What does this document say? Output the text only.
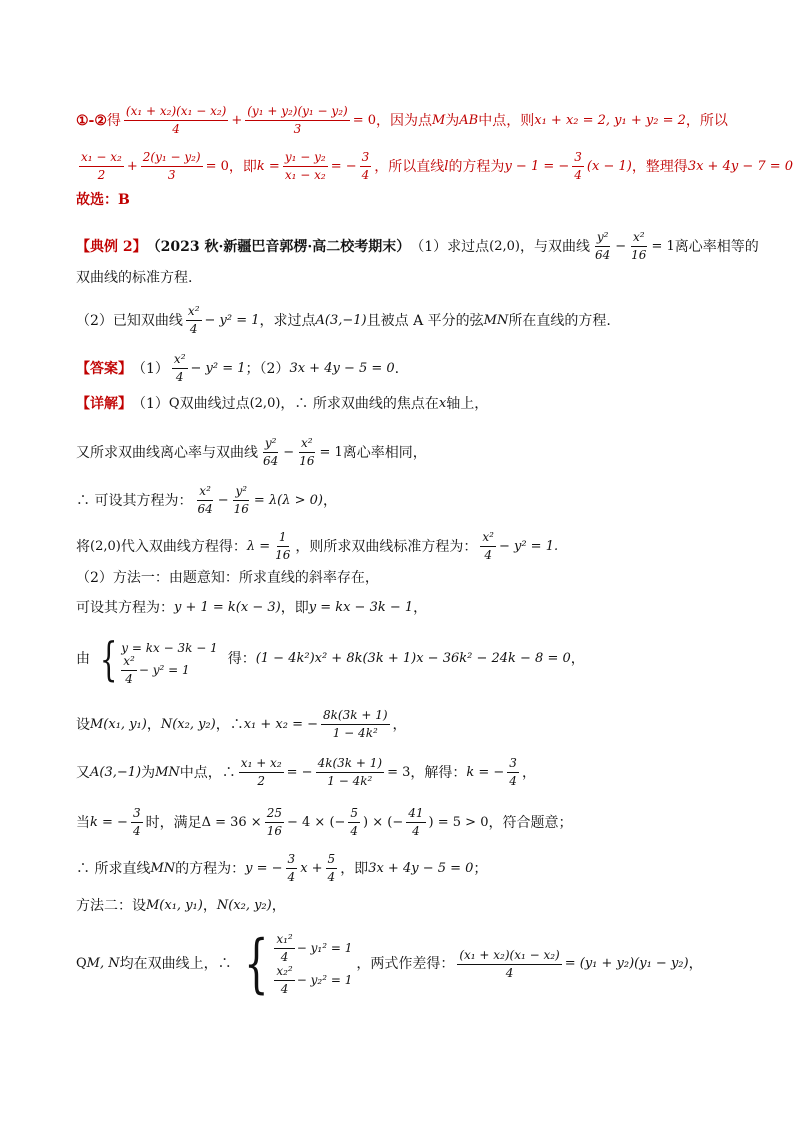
①-② 得 $\frac{\text{(x₁ + x₂)(x₁ − x₂)}}{4} + \frac{\text{(y₁ + y₂)(y₁ − y₂)}}{3} = 0$ ，因为点 M 为 AB 中点，则 x₁ + x₂ = 2, y₁ + y₂ = 2 ，所以
$\frac{\text{x₁ − x₂}}{2} + \frac{\text{2(y₁ − y₂)}}{3} = 0$ ，即 $k = \frac{\text{y₁ − y₂}}{\text{x₁ − x₂}}$ = − $\frac{3}{4}$ ，所以直线 l 的方程为 y − 1 = − $\frac{3}{4} (x - 1)$ ，整理得 3x + 4y − 7 = 0
故选：B
【典例 2】 （2023 秋·新疆巴音郭楞·高二校考期末） （1）求过点 (2,0) ，与双曲线 $\frac{\text{y²}}{64} - \frac{\text{x²}}{16} = 1$ 离心率相等的
双曲线的标准方程.
（2）已知双曲线 $\frac{\text{x²}}{4} - y^2 = 1$ ，求过点 A(3,−1) 且被点 A 平分的弦 MN 所在直线的方程.
【答案】 $(1) \frac{\text{x²}}{4} - y^2 = 1$ ；（2） 3x + 4y − 5 = 0 .
【详解】 （1） Q 双曲线过点 (2,0) ，∴ 所求双曲线的焦点在 x 轴上，
又所求双曲线离心率与双曲线 $\frac{\text{y²}}{64} - \frac{\text{x²}}{16} = 1$ 离心率相同，
∴ 可设其方程为： $\frac{\text{x²}}{64} - \frac{\text{y²}}{16} = \lambda(\lambda > 0)$ ，
将 (2,0) 代入双曲线方程得： $\lambda = \frac{1}{16}$ ，则所求双曲线标准方程为： $\frac{\text{x²}}{4} - y^2 = 1$.
（2）方法一：由题意知：所求直线的斜率存在，
可设其方程为： y + 1 = k(x − 3) ，即 y = kx − 3k − 1 ，
由 { y = kx − 3k − 1
$\frac{\text{x²}}{4} - y^2 = 1$
得： (1 − 4k²)x² + 8k(3k + 1)x − 36k² − 24k − 8 = 0 ，
设 M(x₁, y₁) ， N(x₂, y₂) ，∴ x₁ + x₂ = − $\frac{8k(3k + 1)}{\text{1 − 4k²}}$ ，
又 A(3,−1) 为 MN 中点，∴ $\frac{\text{x₁ + x₂}}{2}$ = − $\frac{4k(3k + 1)}{\text{1 − 4k²}} = 3$ ，解得： k = − $\frac{3}{4}$ ，
当 k = − $\frac{3}{4}$ 时，满足 $\Delta = 36 \times \frac{25}{16} - 4$ × (− $\frac{5}{4}$ ) × (− $\frac{41}{4}$ ) = 5 > 0 ，符合题意；
∴ 所求直线 MN 的方程为： y = − $\frac{3}{4}$ $x + \frac{5}{4}$ ，即 3x + 4y − 5 = 0 ；
方法二：设 M(x₁, y₁) ， N(x₂, y₂) ，
Q M, N 均在双曲线上，∴ { $\frac{\text{x₁²}}{4} - y_1^2 = 1$
$\frac{\text{x₂²}}{4} - y_2^2 = 1$
，两式作差得： $\frac{\text{(x₁ + x₂)(x₁ − x₂)}}{4} = (y_1 + y_2)(y_1 - y_2)$ ，
